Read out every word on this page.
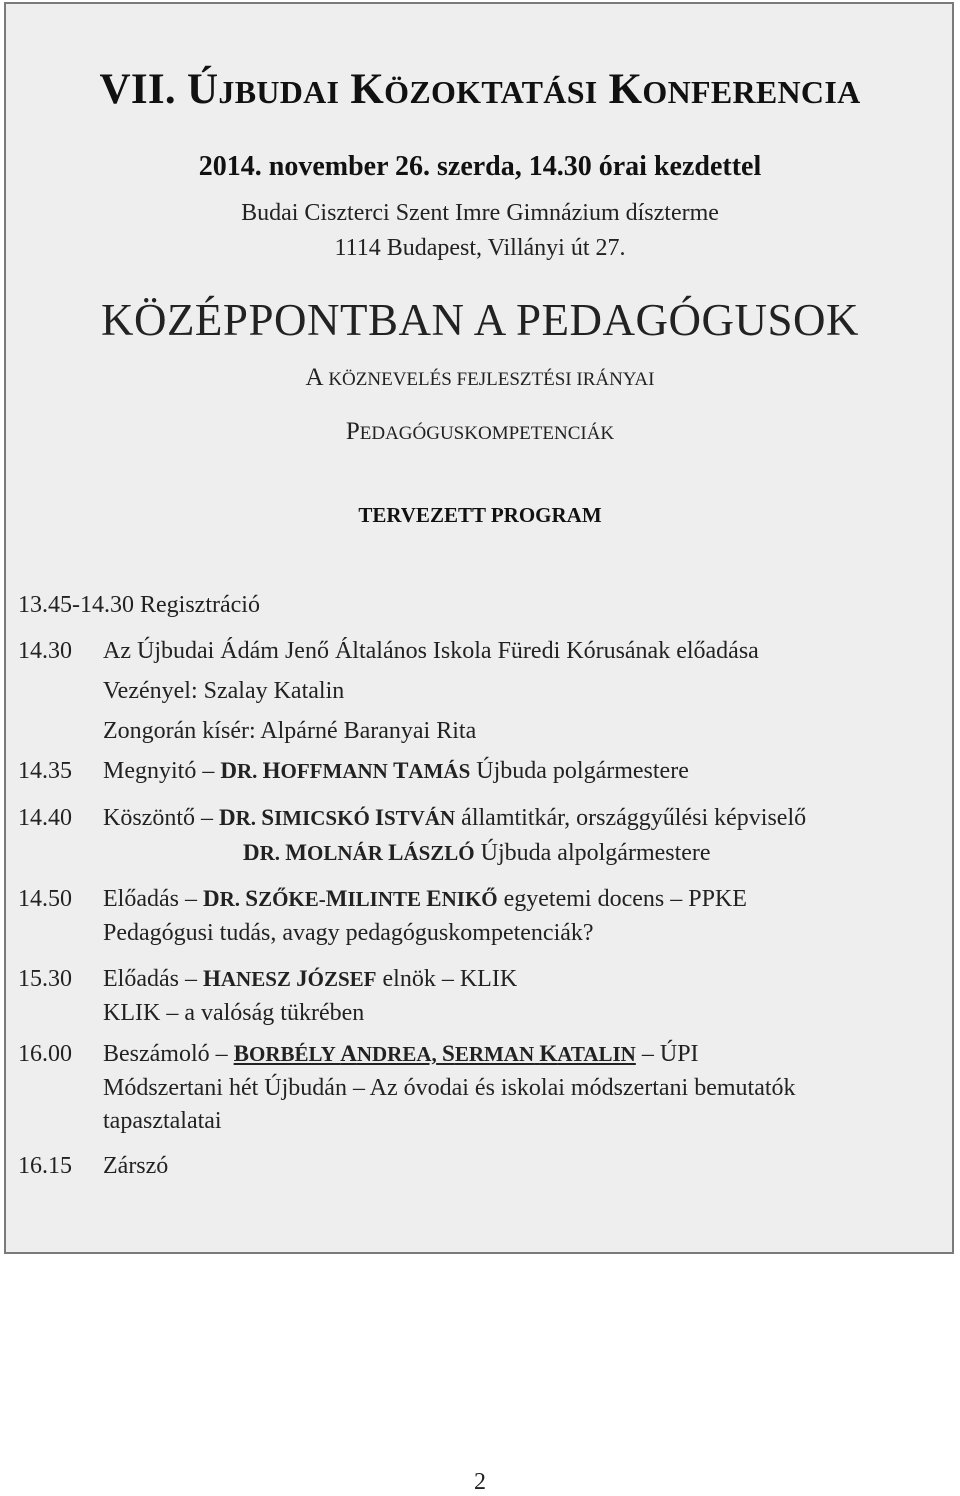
VII. ÚJBUDAI KÖZOKTATÁSI KONFERENCIA
2014. november 26. szerda, 14.30 órai kezdettel
Budai Ciszterci Szent Imre Gimnázium díszterme
1114 Budapest, Villányi út 27.
KÖZÉPPONTBAN A PEDAGÓGUSOK
A KÖZNEVELÉS FEJLESZTÉSI IRÁNYAI
PEDAGÓGUSKOMPETENCIÁK
TERVEZETT PROGRAM
13.45-14.30 Regisztráció
14.30 Az Újbudai Ádám Jenő Általános Iskola Füredi Kórusának előadása
Vezényel: Szalay Katalin
Zongorán kísér: Alpárné Baranyai Rita
14.35 Megnyitó – DR. HOFFMANN TAMÁS Újbuda polgármestere
14.40 Köszöntő – DR. SIMICSKÓ ISTVÁN államtitkár, országgyűlési képviselő
DR. MOLNÁR LÁSZLÓ Újbuda alpolgármestere
14.50 Előadás – DR. SZŐKE-MILINTE ENIKŐ egyetemi docens – PPKE
Pedagógusi tudás, avagy pedagóguskompetenciák?
15.30 Előadás – HANESZ JÓZSEF elnök – KLIK
KLIK – a valóság tükrében
16.00 Beszámoló – BORBÉLY ANDREA, SERMAN KATALIN – ÚPI
Módszertani hét Újbudán – Az óvodai és iskolai módszertani bemutatók
tapasztalatai
16.15 Zárszó
2
